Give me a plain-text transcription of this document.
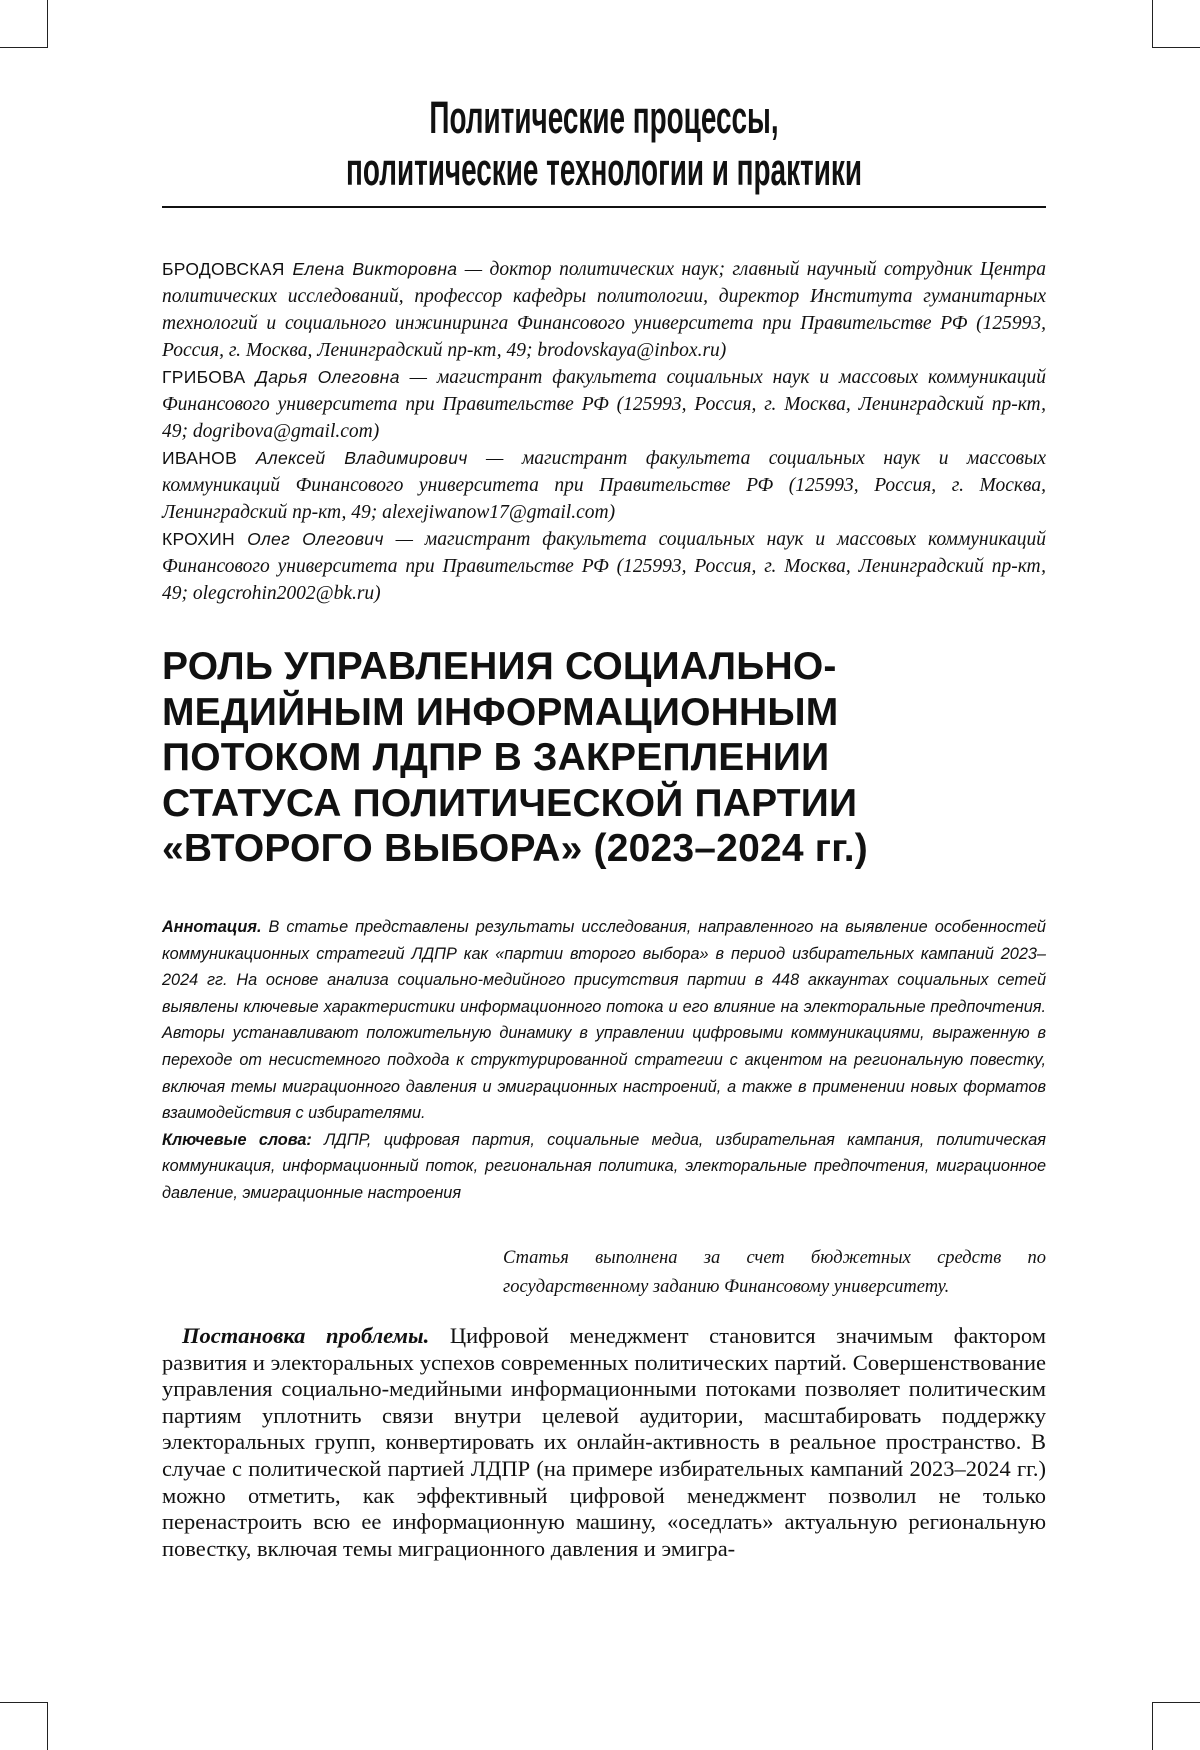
Политические процессы,
политические технологии и практики

БРОДОВСКАЯ Елена Викторовна — доктор политических наук; главный научный сотрудник Центра политических исследований, профессор кафедры политологии, директор Института гуманитарных технологий и социального инжиниринга Финансового университета при Правительстве РФ (125993, Россия, г. Москва, Ленинградский пр-кт, 49; brodovskaya@inbox.ru)

ГРИБОВА Дарья Олеговна — магистрант факультета социальных наук и массовых коммуникаций Финансового университета при Правительстве РФ (125993, Россия, г. Москва, Ленинградский пр-кт, 49; dogribova@gmail.com)

ИВАНОВ Алексей Владимирович — магистрант факультета социальных наук и массовых коммуникаций Финансового университета при Правительстве РФ (125993, Россия, г. Москва, Ленинградский пр-кт, 49; alexejiwanow17@gmail.com)

КРОХИН Олег Олегович — магистрант факультета социальных наук и массовых коммуникаций Финансового университета при Правительстве РФ (125993, Россия, г. Москва, Ленинградский пр-кт, 49; olegcrohin2002@bk.ru)

РОЛЬ УПРАВЛЕНИЯ СОЦИАЛЬНО-
МЕДИЙНЫМ ИНФОРМАЦИОННЫМ
ПОТОКОМ ЛДПР В ЗАКРЕПЛЕНИИ
СТАТУСА ПОЛИТИЧЕСКОЙ ПАРТИИ
«ВТОРОГО ВЫБОРА» (2023–2024 гг.)

Аннотация. В статье представлены результаты исследования, направленного на выявление особенностей коммуникационных стратегий ЛДПР как «партии второго выбора» в период избирательных кампаний 2023–2024 гг. На основе анализа социально-медийного присутствия партии в 448 аккаунтах социальных сетей выявлены ключевые характеристики информационного потока и его влияние на электоральные предпочтения. Авторы устанавливают положительную динамику в управлении цифровыми коммуникациями, выраженную в переходе от несистемного подхода к структурированной стратегии с акцентом на региональную повестку, включая темы миграционного давления и эмиграционных настроений, а также в применении новых форматов взаимодействия с избирателями.

Ключевые слова: ЛДПР, цифровая партия, социальные медиа, избирательная кампания, политическая коммуникация, информационный поток, региональная политика, электоральные предпочтения, миграционное давление, эмиграционные настроения

Статья выполнена за счет бюджетных средств по государственному заданию Финансовому университету.

Постановка проблемы. Цифровой менеджмент становится значимым фактором развития и электоральных успехов современных политических партий. Совершенствование управления социально-медийными информационными потоками позволяет политическим партиям уплотнить связи внутри целевой аудитории, масштабировать поддержку электоральных групп, конвертировать их онлайн-активность в реальное пространство. В случае с политической партией ЛДПР (на примере избирательных кампаний 2023–2024 гг.) можно отметить, как эффективный цифровой менеджмент позволил не только перенастроить всю ее информационную машину, «оседлать» актуальную региональную повестку, включая темы миграционного давления и эмигра-
